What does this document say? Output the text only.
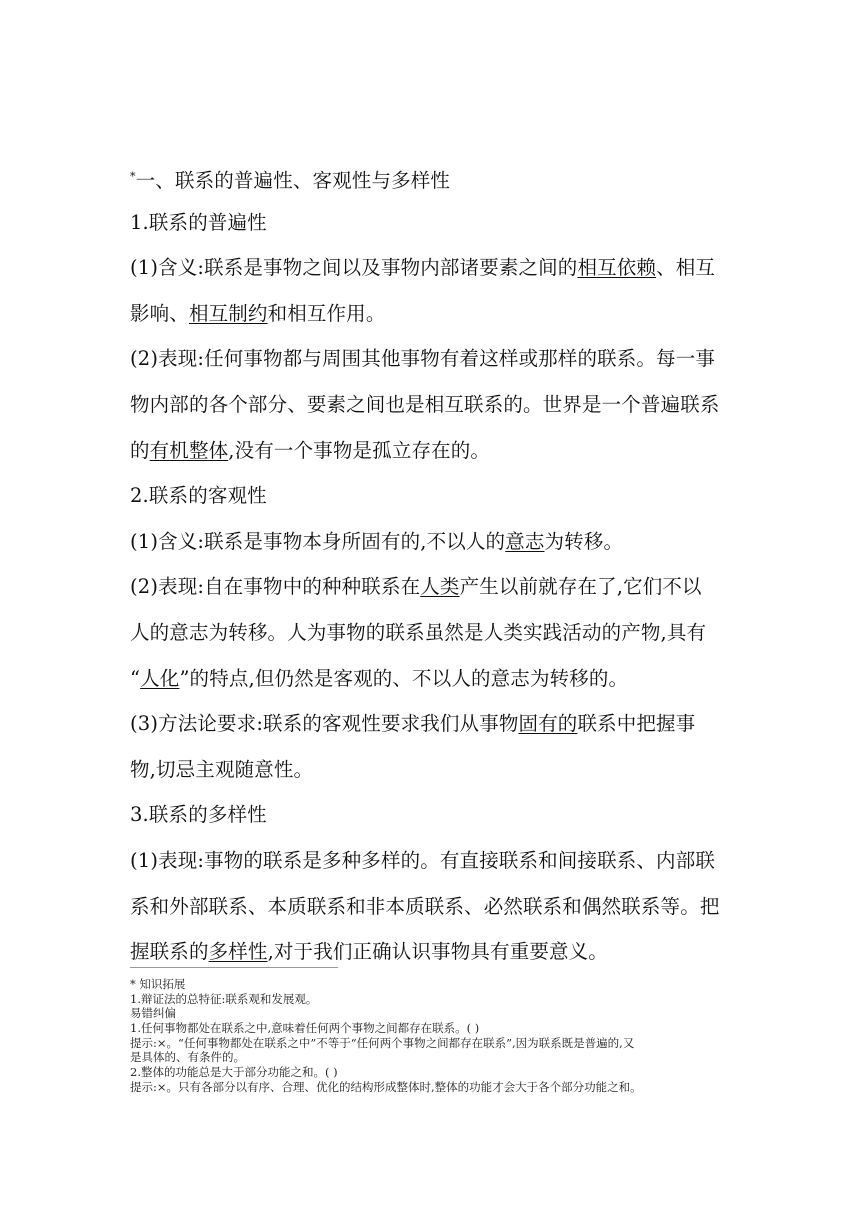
*一、联系的普遍性、客观性与多样性
1.联系的普遍性
(1)含义:联系是事物之间以及事物内部诸要素之间的相互依赖、相互
影响、相互制约和相互作用。
(2)表现:任何事物都与周围其他事物有着这样或那样的联系。每一事
物内部的各个部分、要素之间也是相互联系的。世界是一个普遍联系
的有机整体,没有一个事物是孤立存在的。
2.联系的客观性
(1)含义:联系是事物本身所固有的,不以人的意志为转移。
(2)表现:自在事物中的种种联系在人类产生以前就存在了,它们不以
人的意志为转移。人为事物的联系虽然是人类实践活动的产物,具有
“人化”的特点,但仍然是客观的、不以人的意志为转移的。
(3)方法论要求:联系的客观性要求我们从事物固有的联系中把握事
物,切忌主观随意性。
3.联系的多样性
(1)表现:事物的联系是多种多样的。有直接联系和间接联系、内部联
系和外部联系、本质联系和非本质联系、必然联系和偶然联系等。把
握联系的多样性,对于我们正确认识事物具有重要意义。
* 知识拓展
1.辩证法的总特征:联系观和发展观。
易错纠偏
1.任何事物都处在联系之中,意味着任何两个事物之间都存在联系。( )
提示:×。“任何事物都处在联系之中”不等于“任何两个事物之间都存在联系”,因为联系既是普遍的,又
是具体的、有条件的。
2.整体的功能总是大于部分功能之和。( )
提示:×。只有各部分以有序、合理、优化的结构形成整体时,整体的功能才会大于各个部分功能之和。
